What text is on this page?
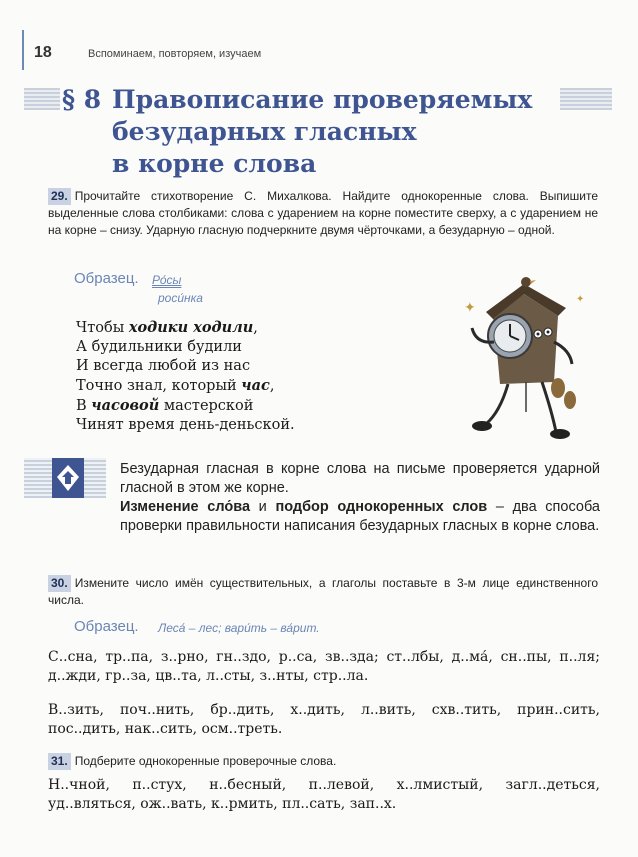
18	Вспоминаем, повторяем, изучаем
§ 8 Правописание проверяемых
безударных гласных
в корне слова
29. Прочитайте стихотворение С. Михалкова. Найдите однокоренные слова. Выпишите выделенные слова столбиками: слова с ударением на корне поместите сверху, а с ударением не на корне – снизу. Ударную гласную подчеркните двумя чёрточками, а безударную – одной.
Образец. Ро́сы
роси́нка
Чтобы ходики ходили,
А будильники будили
И всегда любой из нас
Точно знал, который час,
В часовой мастерской
Чинят время день-деньской.
✦	✦
Безударная гласная в корне слова на письме проверяется ударной гласной в этом же корне.
Изменение сло́ва и подбор однокоренных слов – два способа проверки правильности написания безударных гласных в корне слова.
30. Измените число имён существительных, а глаголы поставьте в 3-м лице единственного числа.
Образец. Леса́ – лес; вари́ть – ва́рит.
С..сна, тр..па, з..рно, гн..здо, р..са, зв..зда; ст..лбы, д..ма́, сн..пы, п..ля; д..жди, гр..за, цв..та, л..сты, з..нты, стр..ла.
В..зить, поч..нить, бр..дить, х..дить, л..вить, схв..тить, прин..сить, пос..дить, нак..сить, осм..треть.
31. Подберите однокоренные проверочные слова.
Н..чной, п..стух, н..бесный, п..левой, х..лмистый, загл..деться, уд..вляться, ож..вать, к..рмить, пл..сать, зап..х.
